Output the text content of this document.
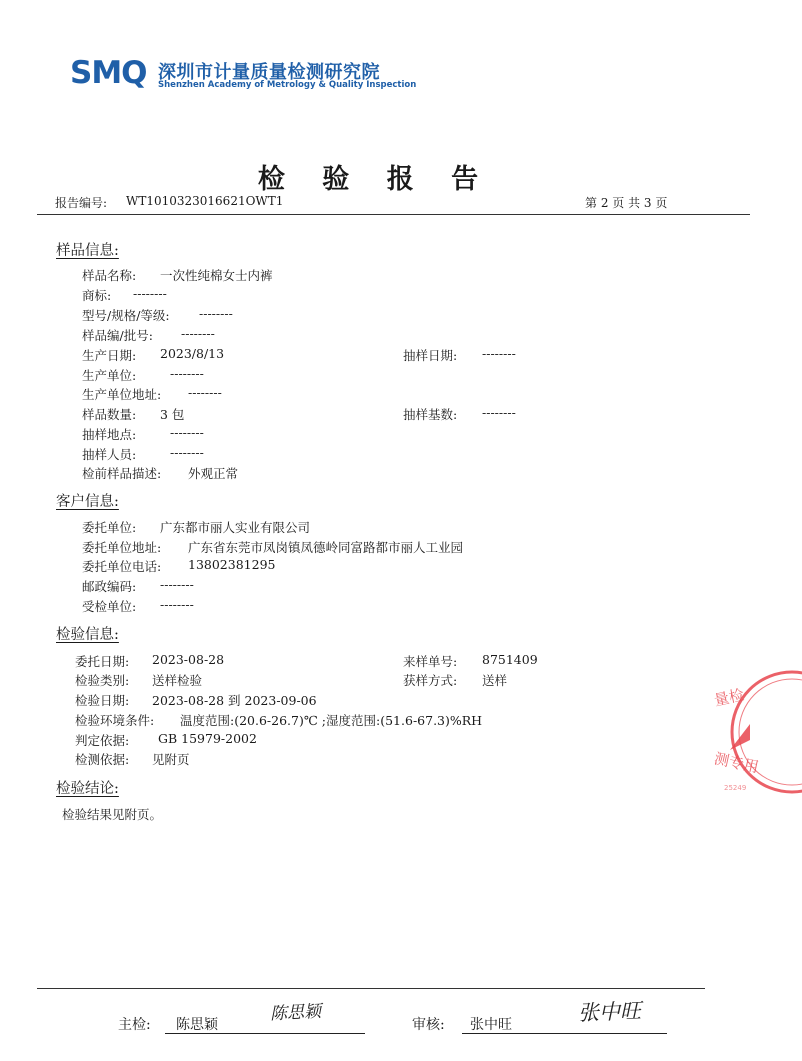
SMQ 深圳市计量质量检测研究院
Shenzhen Academy of Metrology & Quality Inspection
检 验 报 告
报告编号: WT1010323016621OWT1	第 2 页 共 3 页
样品信息:
样品名称: 一次性纯棉女士内裤
商标: --------
型号/规格/等级: --------
样品编/批号: --------
生产日期: 2023/8/13	抽样日期: --------
生产单位:	--------
生产单位地址: --------
样品数量: 3 包	抽样基数: --------
抽样地点:	--------
抽样人员:	--------
检前样品描述: 外观正常
客户信息:
委托单位: 广东都市丽人实业有限公司
委托单位地址: 广东省东莞市凤岗镇凤德岭同富路都市丽人工业园
委托单位电话: 13802381295
邮政编码: --------
受检单位: --------
检验信息:
委托日期: 2023-08-28	来样单号: 8751409
检验类别: 送样检验	获样方式: 送样
检验日期: 2023-08-28 到 2023-09-06
检验环境条件: 温度范围:(20.6-26.7)℃ ;湿度范围:(51.6-67.3)%RH
判定依据: GB 15979-2002
检测依据: 见附页
检验结论:
检验结果见附页。
量检
测专用
25249
主检: 陈思颖
陈思颖
审核: 张中旺	张中旺
